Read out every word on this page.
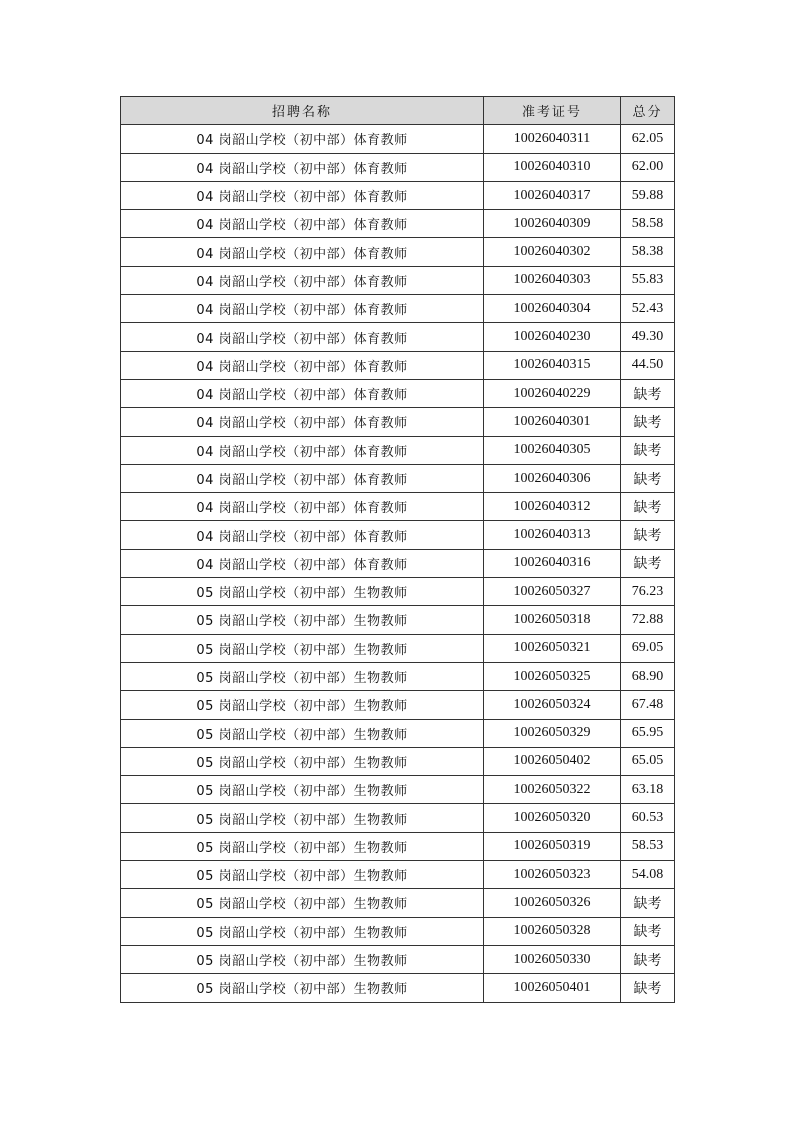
招聘名称	准考证号	总分
04 岗韶山学校（初中部）体育教师	10026040311	62.05
04 岗韶山学校（初中部）体育教师	10026040310	62.00
04 岗韶山学校（初中部）体育教师	10026040317	59.88
04 岗韶山学校（初中部）体育教师	10026040309	58.58
04 岗韶山学校（初中部）体育教师	10026040302	58.38
04 岗韶山学校（初中部）体育教师	10026040303	55.83
04 岗韶山学校（初中部）体育教师	10026040304	52.43
04 岗韶山学校（初中部）体育教师	10026040230	49.30
04 岗韶山学校（初中部）体育教师	10026040315	44.50
04 岗韶山学校（初中部）体育教师	10026040229	缺考
04 岗韶山学校（初中部）体育教师	10026040301	缺考
04 岗韶山学校（初中部）体育教师	10026040305	缺考
04 岗韶山学校（初中部）体育教师	10026040306	缺考
04 岗韶山学校（初中部）体育教师	10026040312	缺考
04 岗韶山学校（初中部）体育教师	10026040313	缺考
04 岗韶山学校（初中部）体育教师	10026040316	缺考
05 岗韶山学校（初中部）生物教师	10026050327	76.23
05 岗韶山学校（初中部）生物教师	10026050318	72.88
05 岗韶山学校（初中部）生物教师	10026050321	69.05
05 岗韶山学校（初中部）生物教师	10026050325	68.90
05 岗韶山学校（初中部）生物教师	10026050324	67.48
05 岗韶山学校（初中部）生物教师	10026050329	65.95
05 岗韶山学校（初中部）生物教师	10026050402	65.05
05 岗韶山学校（初中部）生物教师	10026050322	63.18
05 岗韶山学校（初中部）生物教师	10026050320	60.53
05 岗韶山学校（初中部）生物教师	10026050319	58.53
05 岗韶山学校（初中部）生物教师	10026050323	54.08
05 岗韶山学校（初中部）生物教师	10026050326	缺考
05 岗韶山学校（初中部）生物教师	10026050328	缺考
05 岗韶山学校（初中部）生物教师	10026050330	缺考
05 岗韶山学校（初中部）生物教师	10026050401	缺考
